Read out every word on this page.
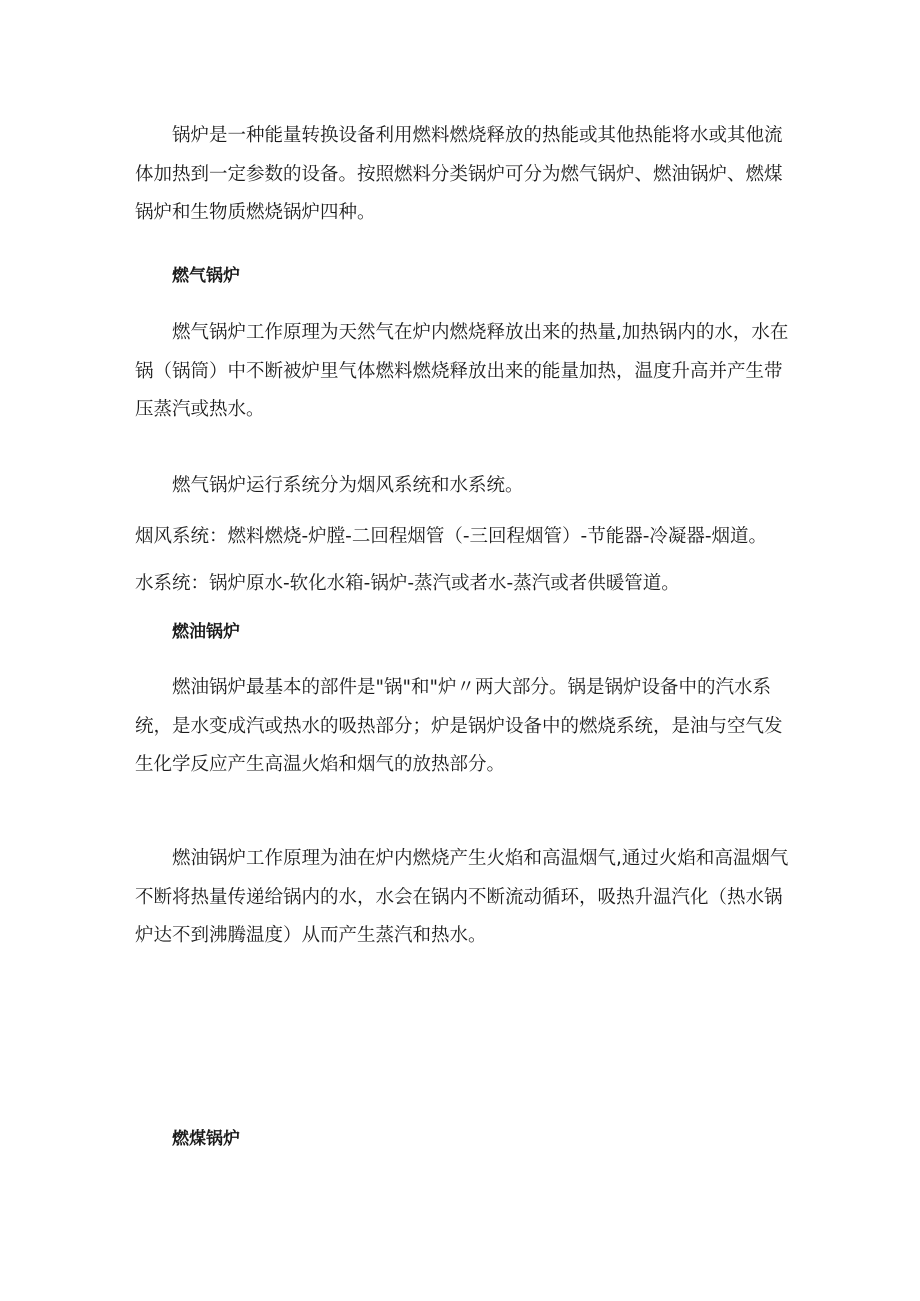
锅炉是一种能量转换设备利用燃料燃烧释放的热能或其他热能将水或其他流体加热到一定参数的设备。按照燃料分类锅炉可分为燃气锅炉、燃油锅炉、燃煤锅炉和生物质燃烧锅炉四种。

燃气锅炉

燃气锅炉工作原理为天然气在炉内燃烧释放出来的热量,加热锅内的水，水在锅（锅筒）中不断被炉里气体燃料燃烧释放出来的能量加热，温度升高并产生带压蒸汽或热水。

燃气锅炉运行系统分为烟风系统和水系统。

烟风系统：燃料燃烧-炉膛-二回程烟管（-三回程烟管）-节能器-冷凝器-烟道。

水系统：锅炉原水-软化水箱-锅炉-蒸汽或者水-蒸汽或者供暖管道。

燃油锅炉

燃油锅炉最基本的部件是"锅"和"炉〃两大部分。锅是锅炉设备中的汽水系统，是水变成汽或热水的吸热部分；炉是锅炉设备中的燃烧系统，是油与空气发生化学反应产生高温火焰和烟气的放热部分。

燃油锅炉工作原理为油在炉内燃烧产生火焰和高温烟气,通过火焰和高温烟气不断将热量传递给锅内的水，水会在锅内不断流动循环，吸热升温汽化（热水锅炉达不到沸腾温度）从而产生蒸汽和热水。

燃煤锅炉
